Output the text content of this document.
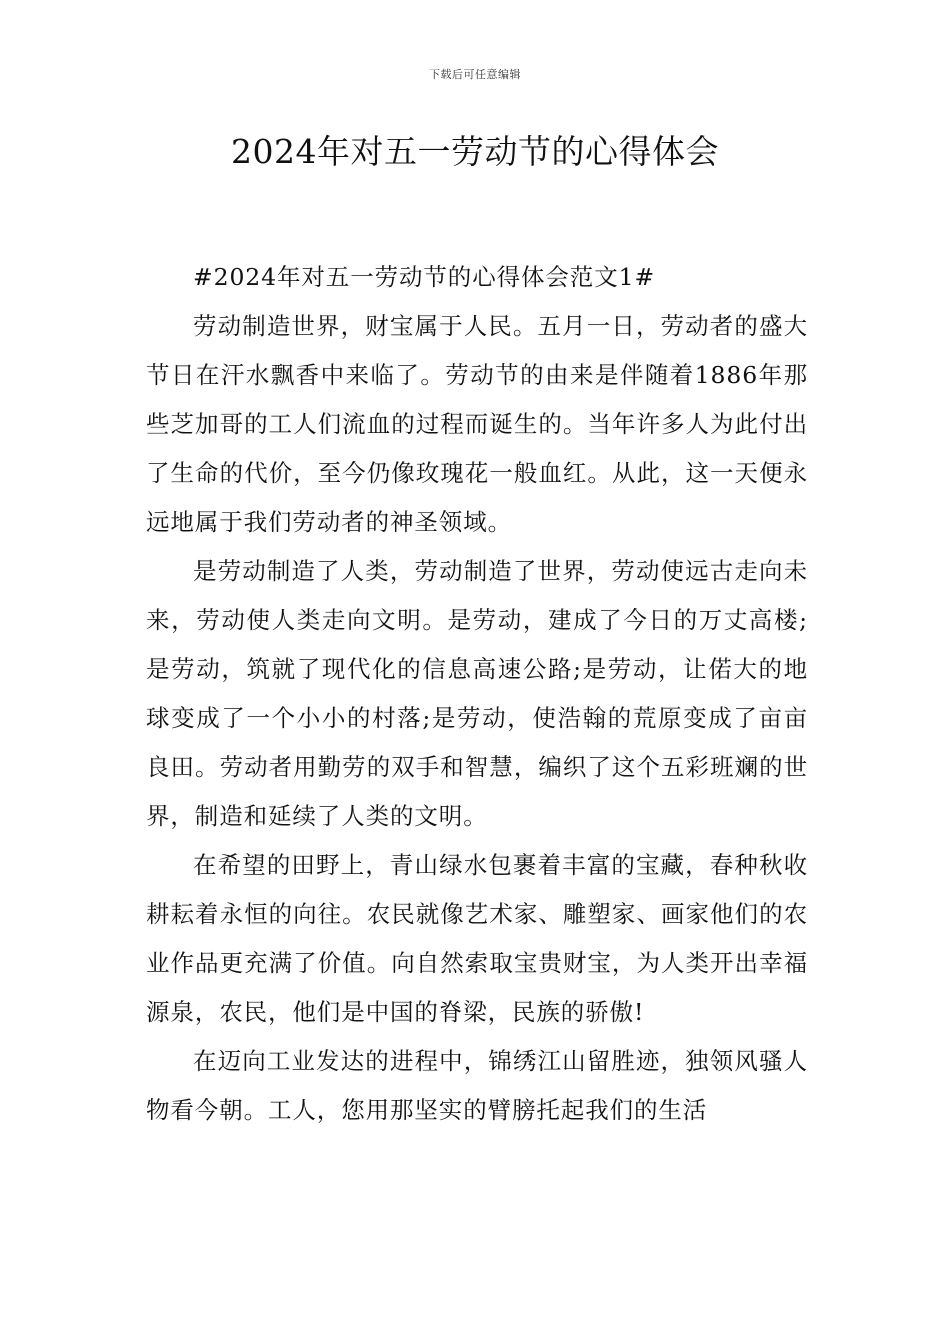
下载后可任意编辑
2024年对五一劳动节的心得体会

#2024年对五一劳动节的心得体会范文1#

劳动制造世界，财宝属于人民。五月一日，劳动者的盛大节日在汗水飘香中来临了。劳动节的由来是伴随着1886年那些芝加哥的工人们流血的过程而诞生的。当年许多人为此付出了生命的代价，至今仍像玫瑰花一般血红。从此，这一天便永远地属于我们劳动者的神圣领域。

是劳动制造了人类，劳动制造了世界，劳动使远古走向未来，劳动使人类走向文明。是劳动，建成了今日的万丈高楼;是劳动，筑就了现代化的信息高速公路;是劳动，让偌大的地球变成了一个小小的村落;是劳动，使浩翰的荒原变成了亩亩良田。劳动者用勤劳的双手和智慧，编织了这个五彩班斓的世界，制造和延续了人类的文明。

在希望的田野上，青山绿水包裹着丰富的宝藏，春种秋收耕耘着永恒的向往。农民就像艺术家、雕塑家、画家他们的农业作品更充满了价值。向自然索取宝贵财宝，为人类开出幸福源泉，农民，他们是中国的脊梁，民族的骄傲!

在迈向工业发达的进程中，锦绣江山留胜迹，独领风骚人物看今朝。工人，您用那坚实的臂膀托起我们的生活
